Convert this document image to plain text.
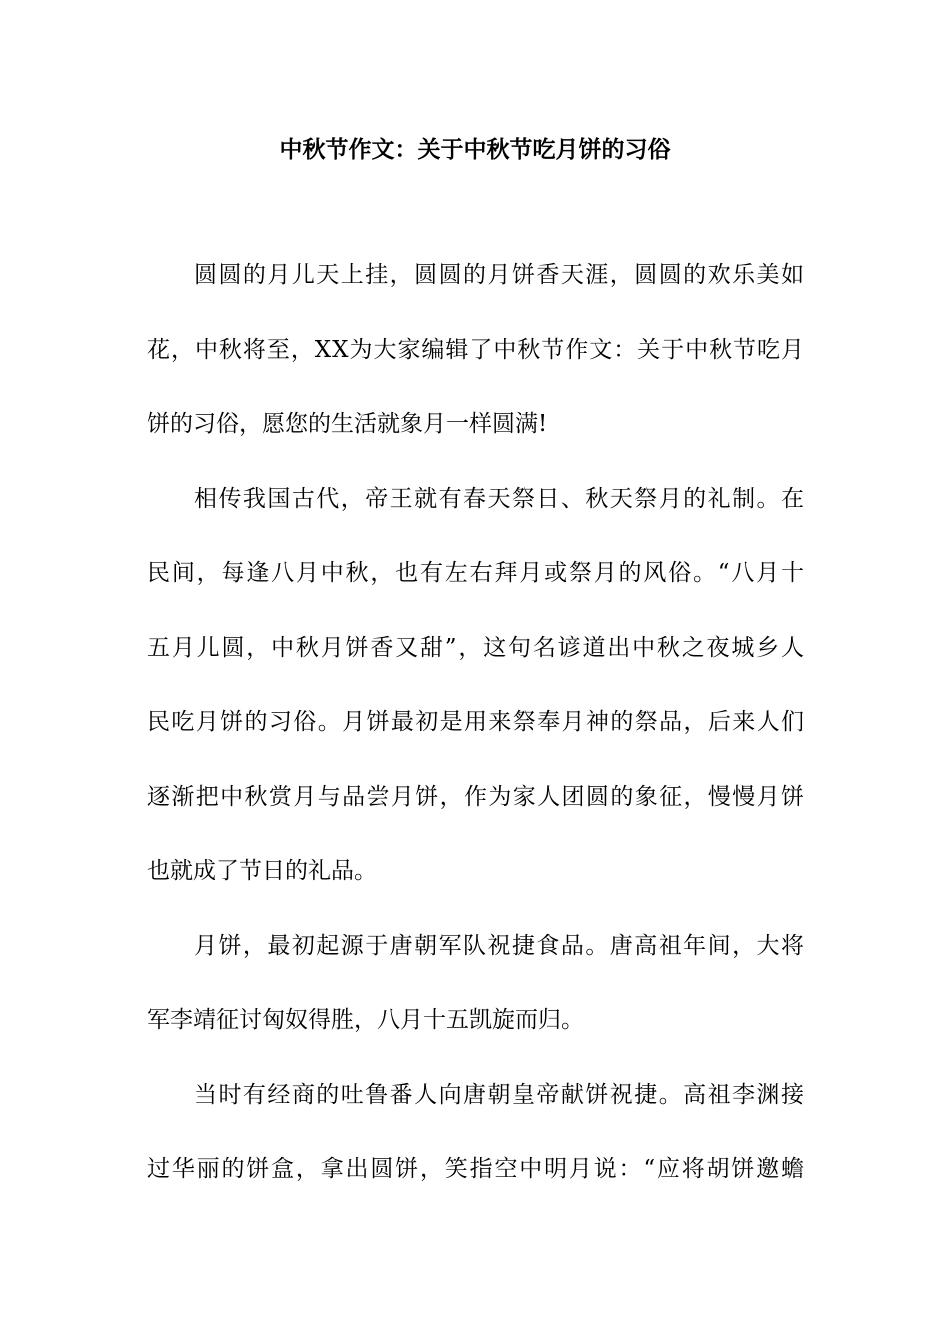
中秋节作文：关于中秋节吃月饼的习俗

圆圆的月儿天上挂，圆圆的月饼香天涯，圆圆的欢乐美如

花，中秋将至，XX为大家编辑了中秋节作文：关于中秋节吃月

饼的习俗，愿您的生活就象月一样圆满!

相传我国古代，帝王就有春天祭日、秋天祭月的礼制。在

民间，每逢八月中秋，也有左右拜月或祭月的风俗。“八月十

五月儿圆，中秋月饼香又甜”，这句名谚道出中秋之夜城乡人

民吃月饼的习俗。月饼最初是用来祭奉月神的祭品，后来人们

逐渐把中秋赏月与品尝月饼，作为家人团圆的象征，慢慢月饼

也就成了节日的礼品。

月饼，最初起源于唐朝军队祝捷食品。唐高祖年间，大将

军李靖征讨匈奴得胜，八月十五凯旋而归。

当时有经商的吐鲁番人向唐朝皇帝献饼祝捷。高祖李渊接

过华丽的饼盒，拿出圆饼，笑指空中明月说：“应将胡饼邀蟾
